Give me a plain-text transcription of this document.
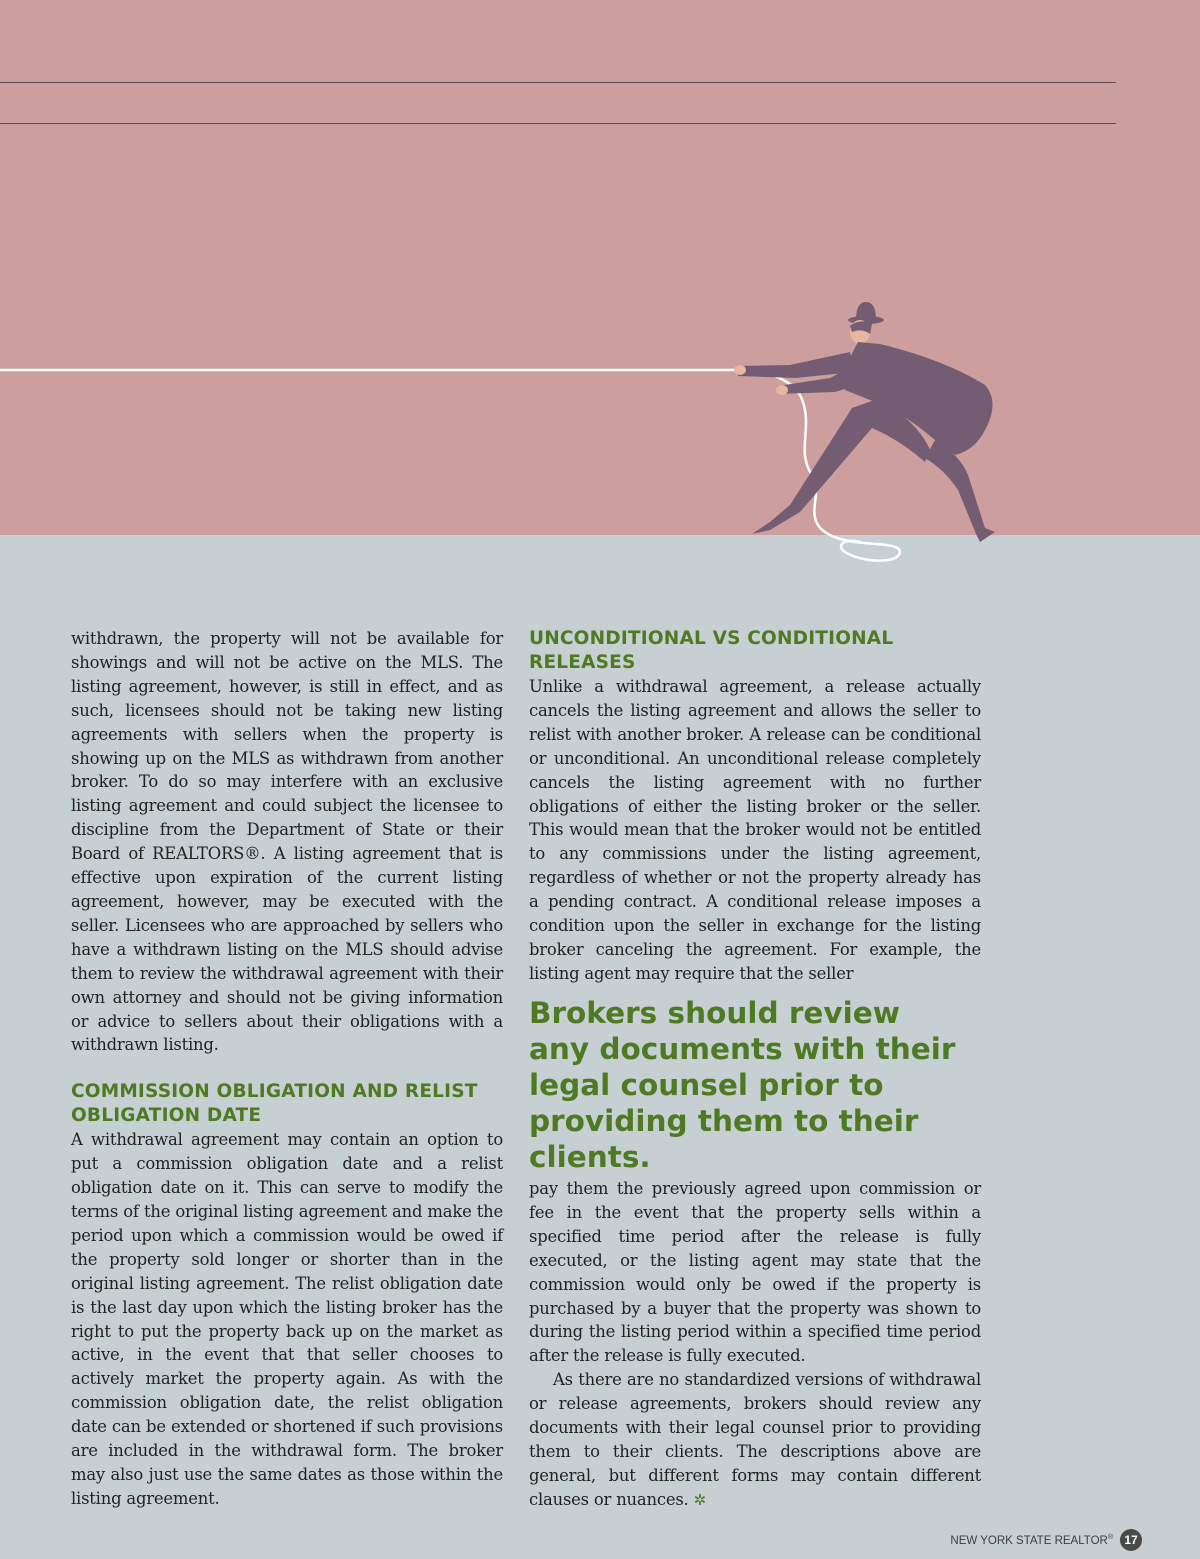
withdrawn, the property will not be available for showings and will not be active on the MLS. The listing agreement, however, is still in effect, and as such, licensees should not be taking new listing agreements with sellers when the property is showing up on the MLS as withdrawn from another broker. To do so may interfere with an exclusive listing agreement and could subject the licensee to discipline from the Department of State or their Board of REALTORS®. A listing agreement that is effective upon expiration of the current listing agreement, however, may be executed with the seller. Licensees who are approached by sellers who have a withdrawn listing on the MLS should advise them to review the withdrawal agreement with their own attorney and should not be giving information or advice to sellers about their obligations with a withdrawn listing.

COMMISSION OBLIGATION AND RELIST OBLIGATION DATE

A withdrawal agreement may contain an option to put a commission obligation date and a relist obligation date on it. This can serve to modify the terms of the original listing agreement and make the period upon which a commission would be owed if the property sold longer or shorter than in the original listing agreement. The relist obligation date is the last day upon which the listing broker has the right to put the property back up on the market as active, in the event that that seller chooses to actively market the property again. As with the commission obligation date, the relist obligation date can be extended or shortened if such provisions are included in the withdrawal form. The broker may also just use the same dates as those within the listing agreement.

UNCONDITIONAL VS CONDITIONAL RELEASES

Unlike a withdrawal agreement, a release actually cancels the listing agreement and allows the seller to relist with another broker. A release can be conditional or unconditional. An unconditional release completely cancels the listing agreement with no further obligations of either the listing broker or the seller. This would mean that the broker would not be entitled to any commissions under the listing agreement, regardless of whether or not the property already has a pending contract. A conditional release imposes a condition upon the seller in exchange for the listing broker canceling the agreement. For example, the listing agent may require that the seller

Brokers should review any documents with their legal counsel prior to providing them to their clients.

pay them the previously agreed upon commission or fee in the event that the property sells within a specified time period after the release is fully executed, or the listing agent may state that the commission would only be owed if the property is purchased by a buyer that the property was shown to during the listing period within a specified time period after the release is fully executed.

As there are no standardized versions of withdrawal or release agreements, brokers should review any documents with their legal counsel prior to providing them to their clients. The descriptions above are general, but different forms may contain different clauses or nuances. ✲

NEW YORK STATE REALTOR® 17
